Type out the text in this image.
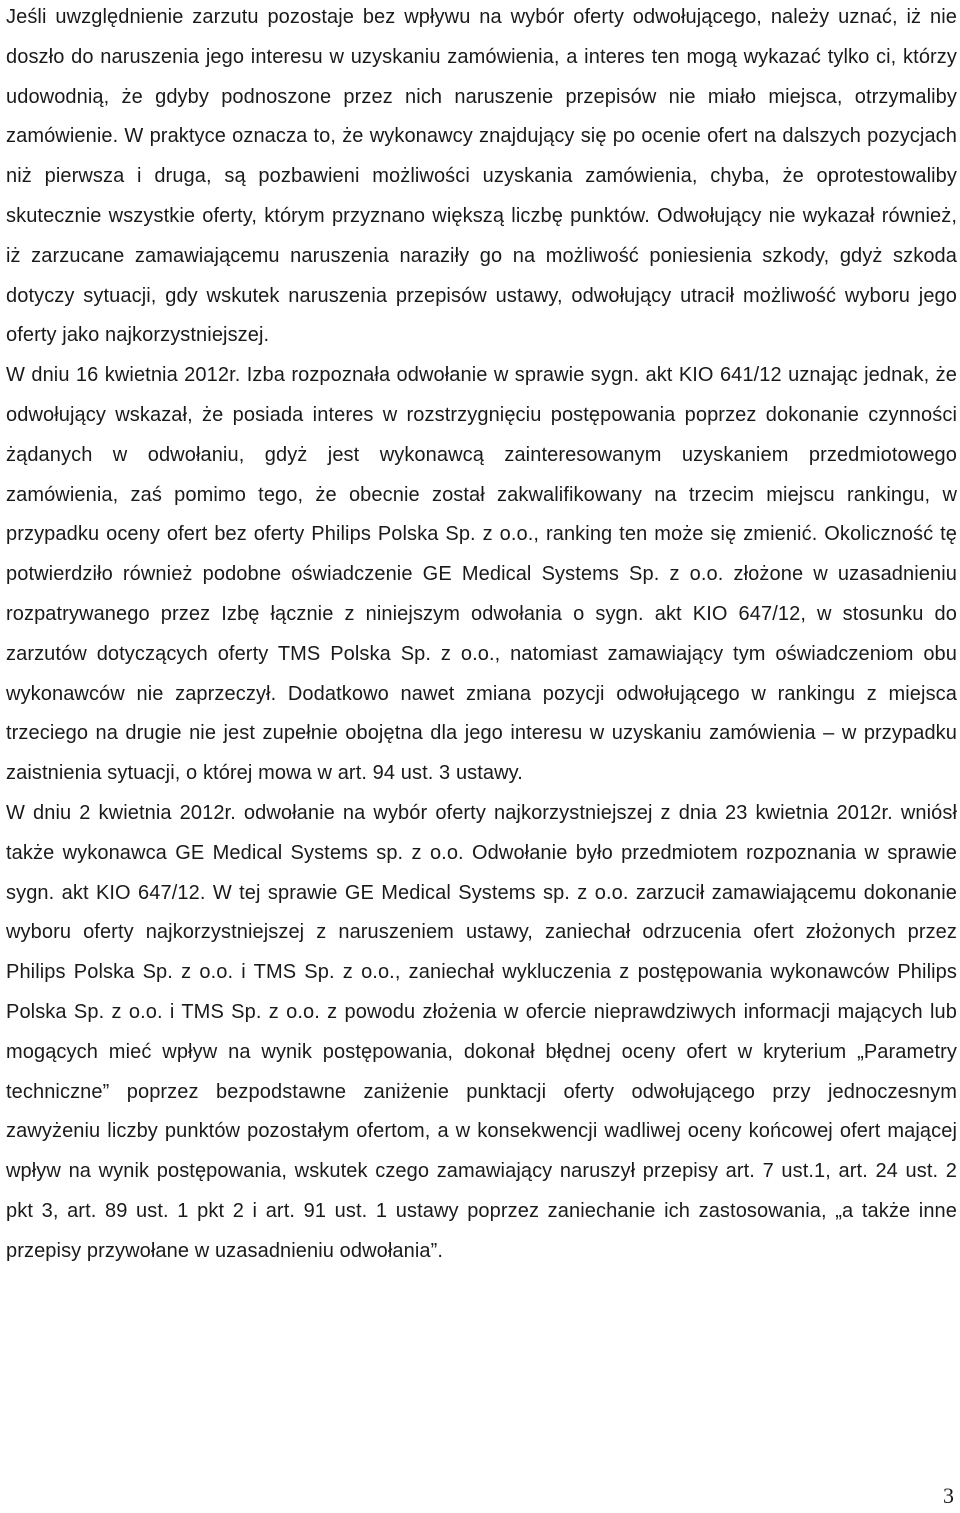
Jeśli uwzględnienie zarzutu pozostaje bez wpływu na wybór oferty odwołującego, należy uznać, iż nie doszło do naruszenia jego interesu w uzyskaniu zamówienia, a interes ten mogą wykazać tylko ci, którzy udowodnią, że gdyby podnoszone przez nich naruszenie przepisów nie miało miejsca, otrzymaliby zamówienie. W praktyce oznacza to, że wykonawcy znajdujący się po ocenie ofert na dalszych pozycjach niż pierwsza i druga, są pozbawieni możliwości uzyskania zamówienia, chyba, że oprotestowaliby skutecznie wszystkie oferty, którym przyznano większą liczbę punktów. Odwołujący nie wykazał również, iż zarzucane zamawiającemu naruszenia naraziły go na możliwość poniesienia szkody, gdyż szkoda dotyczy sytuacji, gdy wskutek naruszenia przepisów ustawy, odwołujący utracił możliwość wyboru jego oferty jako najkorzystniejszej.

W dniu 16 kwietnia 2012r. Izba rozpoznała odwołanie w sprawie sygn. akt KIO 641/12 uznając jednak, że odwołujący wskazał, że posiada interes w rozstrzygnięciu postępowania poprzez dokonanie czynności żądanych w odwołaniu, gdyż jest wykonawcą zainteresowanym uzyskaniem przedmiotowego zamówienia, zaś pomimo tego, że obecnie został zakwalifikowany na trzecim miejscu rankingu, w przypadku oceny ofert bez oferty Philips Polska Sp. z o.o., ranking ten może się zmienić. Okoliczność tę potwierdziło również podobne oświadczenie GE Medical Systems Sp. z o.o. złożone w uzasadnieniu rozpatrywanego przez Izbę łącznie z niniejszym odwołania o sygn. akt KIO 647/12, w stosunku do zarzutów dotyczących oferty TMS Polska Sp. z o.o., natomiast zamawiający tym oświadczeniom obu wykonawców nie zaprzeczył. Dodatkowo nawet zmiana pozycji odwołującego w rankingu z miejsca trzeciego na drugie nie jest zupełnie obojętna dla jego interesu w uzyskaniu zamówienia – w przypadku zaistnienia sytuacji, o której mowa w art. 94 ust. 3 ustawy.

W dniu 2 kwietnia 2012r. odwołanie na wybór oferty najkorzystniejszej z dnia 23 kwietnia 2012r. wniósł także wykonawca GE Medical Systems sp. z o.o. Odwołanie było przedmiotem rozpoznania w sprawie sygn. akt KIO 647/12. W tej sprawie GE Medical Systems sp. z o.o. zarzucił zamawiającemu dokonanie wyboru oferty najkorzystniejszej z naruszeniem ustawy, zaniechał odrzucenia ofert złożonych przez Philips Polska Sp. z o.o. i TMS Sp. z o.o., zaniechał wykluczenia z postępowania wykonawców Philips Polska Sp. z o.o. i TMS Sp. z o.o. z powodu złożenia w ofercie nieprawdziwych informacji mających lub mogących mieć wpływ na wynik postępowania, dokonał błędnej oceny ofert w kryterium „Parametry techniczne” poprzez bezpodstawne zaniżenie punktacji oferty odwołującego przy jednoczesnym zawyżeniu liczby punktów pozostałym ofertom, a w konsekwencji wadliwej oceny końcowej ofert mającej wpływ na wynik postępowania, wskutek czego zamawiający naruszył przepisy art. 7 ust.1, art. 24 ust. 2 pkt 3, art. 89 ust. 1 pkt 2 i art. 91 ust. 1 ustawy poprzez zaniechanie ich zastosowania, „a także inne przepisy przywołane w uzasadnieniu odwołania”.

3
